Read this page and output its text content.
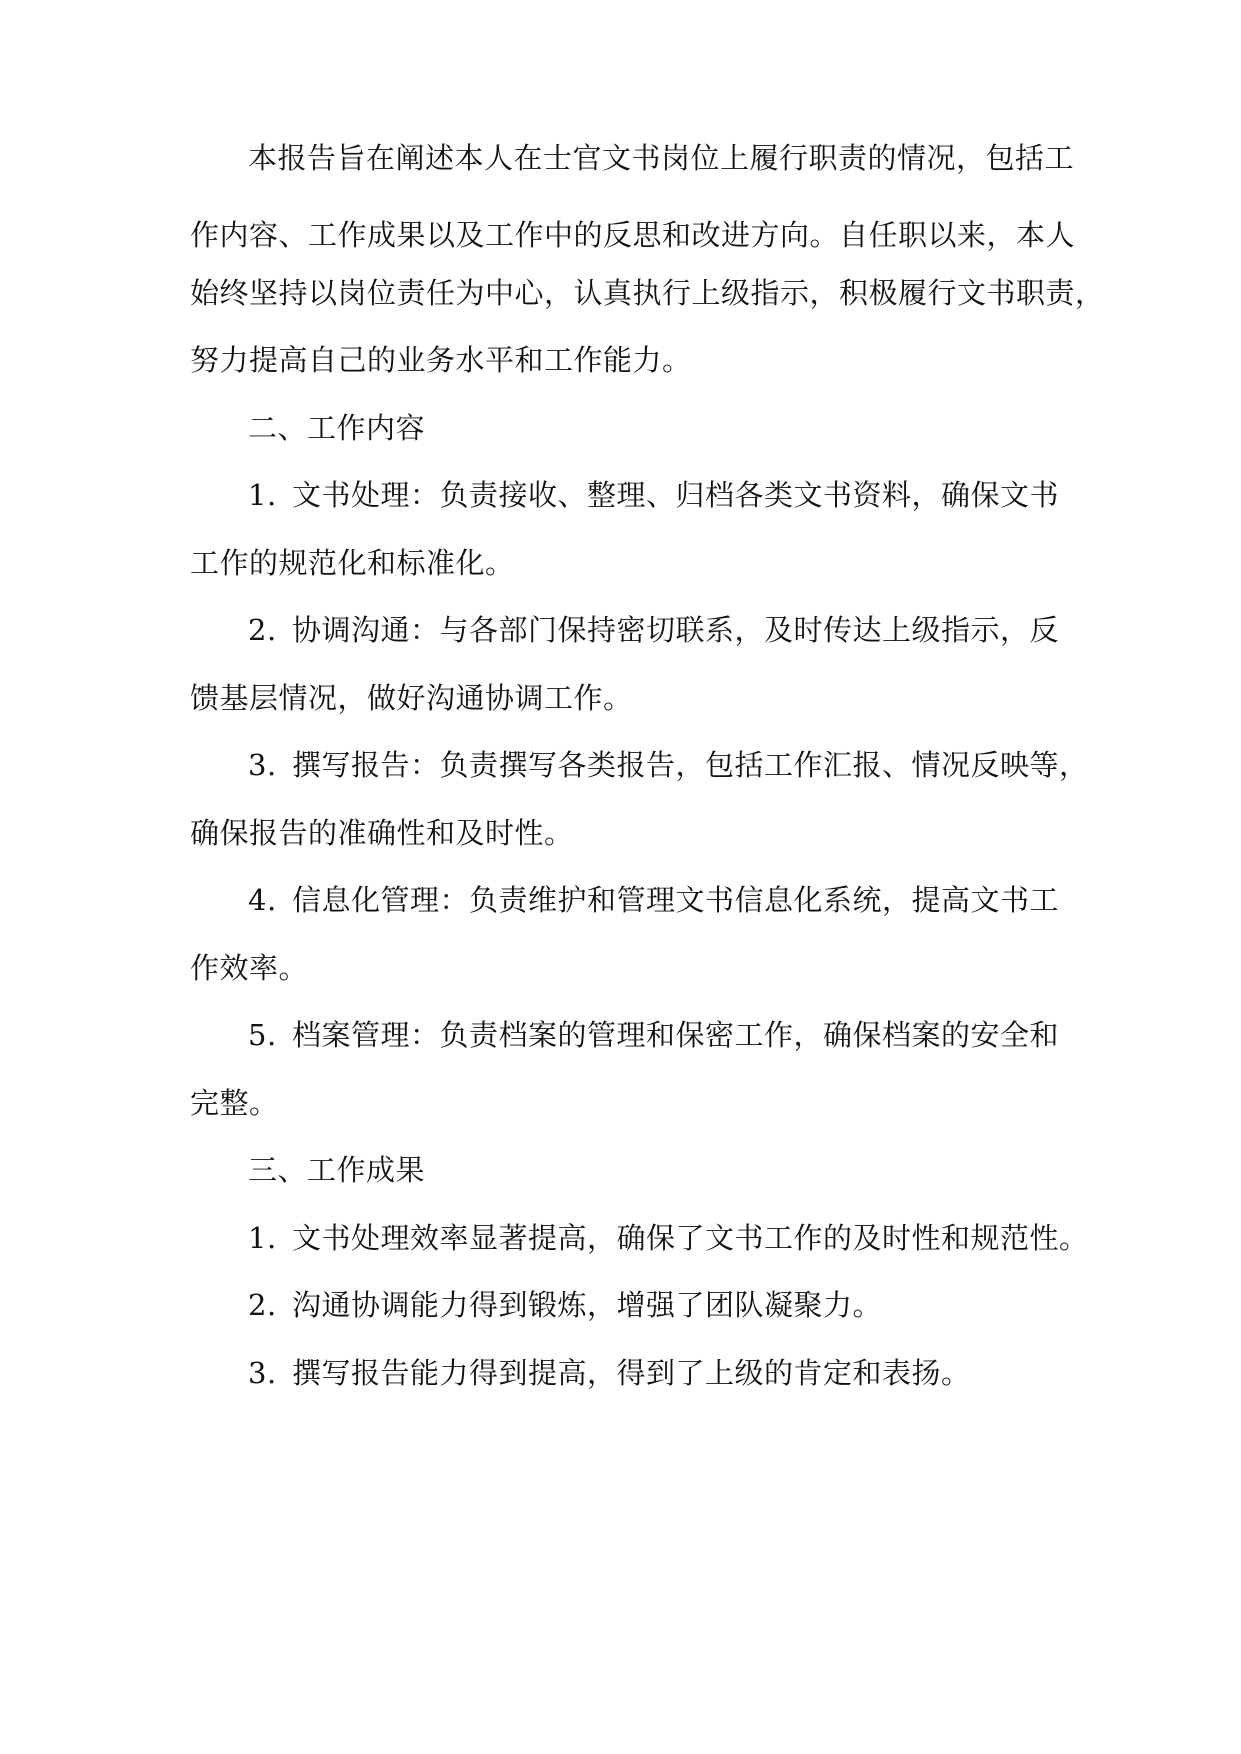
本报告旨在阐述本人在士官文书岗位上履行职责的情况，包括工
作内容、工作成果以及工作中的反思和改进方向。自任职以来，本人
始终坚持以岗位责任为中心，认真执行上级指示，积极履行文书职责，
努力提高自己的业务水平和工作能力。
二、工作内容
1. 文书处理：负责接收、整理、归档各类文书资料，确保文书
工作的规范化和标准化。
2. 协调沟通：与各部门保持密切联系，及时传达上级指示，反
馈基层情况，做好沟通协调工作。
3. 撰写报告：负责撰写各类报告，包括工作汇报、情况反映等，
确保报告的准确性和及时性。
4. 信息化管理：负责维护和管理文书信息化系统，提高文书工
作效率。
5. 档案管理：负责档案的管理和保密工作，确保档案的安全和
完整。
三、工作成果
1. 文书处理效率显著提高，确保了文书工作的及时性和规范性。
2. 沟通协调能力得到锻炼，增强了团队凝聚力。
3. 撰写报告能力得到提高，得到了上级的肯定和表扬。
